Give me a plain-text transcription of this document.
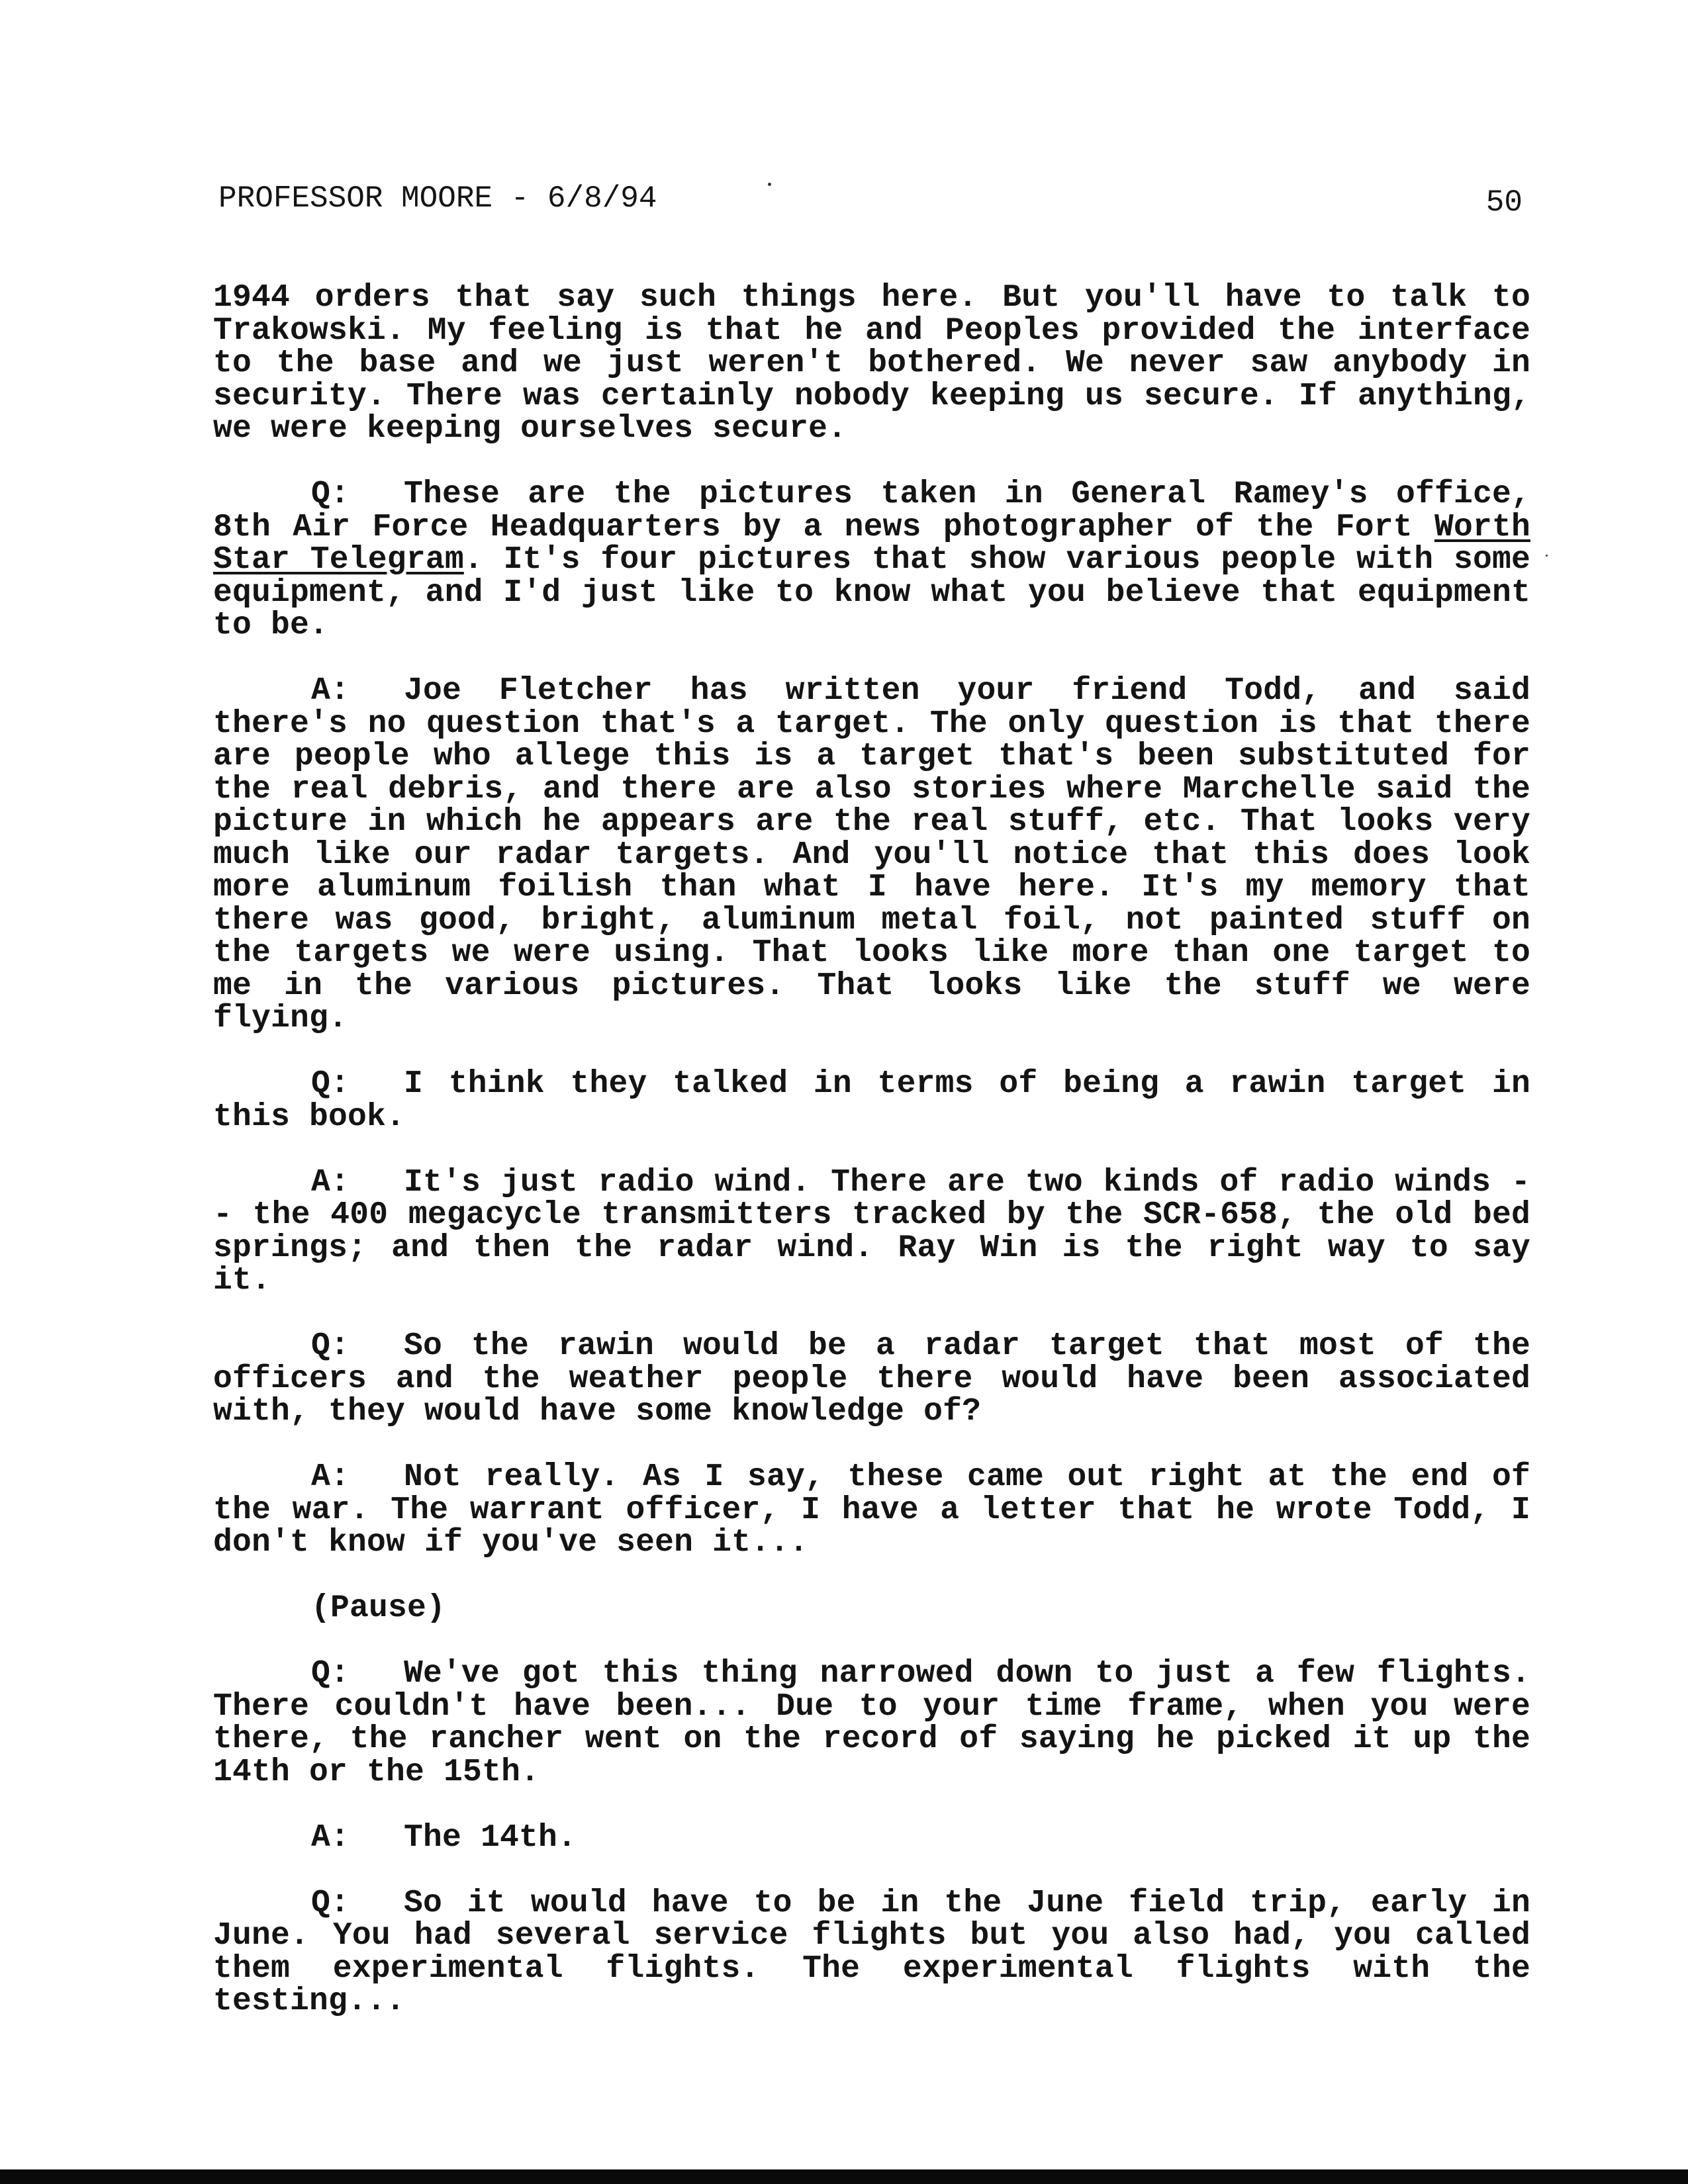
PROFESSOR MOORE - 6/8/94

	50

1944 orders that say such things here. But you'll have to talk to Trakowski. My feeling is that he and Peoples provided the interface to the base and we just weren't bothered. We never saw anybody in security. There was certainly nobody keeping us secure. If anything, we were keeping ourselves secure.

Q: These are the pictures taken in General Ramey's office, 8th Air Force Headquarters by a news photographer of the Fort Worth Star Telegram. It's four pictures that show various people with some equipment, and I'd just like to know what you believe that equipment to be.

A: Joe Fletcher has written your friend Todd, and said there's no question that's a target. The only question is that there are people who allege this is a target that's been substituted for the real debris, and there are also stories where Marchelle said the picture in which he appears are the real stuff, etc. That looks very much like our radar targets. And you'll notice that this does look more aluminum foilish than what I have here. It's my memory that there was good, bright, aluminum metal foil, not painted stuff on the targets we were using. That looks like more than one target to me in the various pictures. That looks like the stuff we were flying.

Q: I think they talked in terms of being a rawin target in this book.

A: It's just radio wind. There are two kinds of radio winds -- the 400 megacycle transmitters tracked by the SCR-658, the old bed springs; and then the radar wind. Ray Win is the right way to say it.

Q: So the rawin would be a radar target that most of the officers and the weather people there would have been associated with, they would have some knowledge of?

A: Not really. As I say, these came out right at the end of the war. The warrant officer, I have a letter that he wrote Todd, I don't know if you've seen it...

(Pause)

Q: We've got this thing narrowed down to just a few flights. There couldn't have been... Due to your time frame, when you were there, the rancher went on the record of saying he picked it up the 14th or the 15th.

A: The 14th.

Q: So it would have to be in the June field trip, early in June. You had several service flights but you also had, you called them experimental flights. The experimental flights with the testing...
